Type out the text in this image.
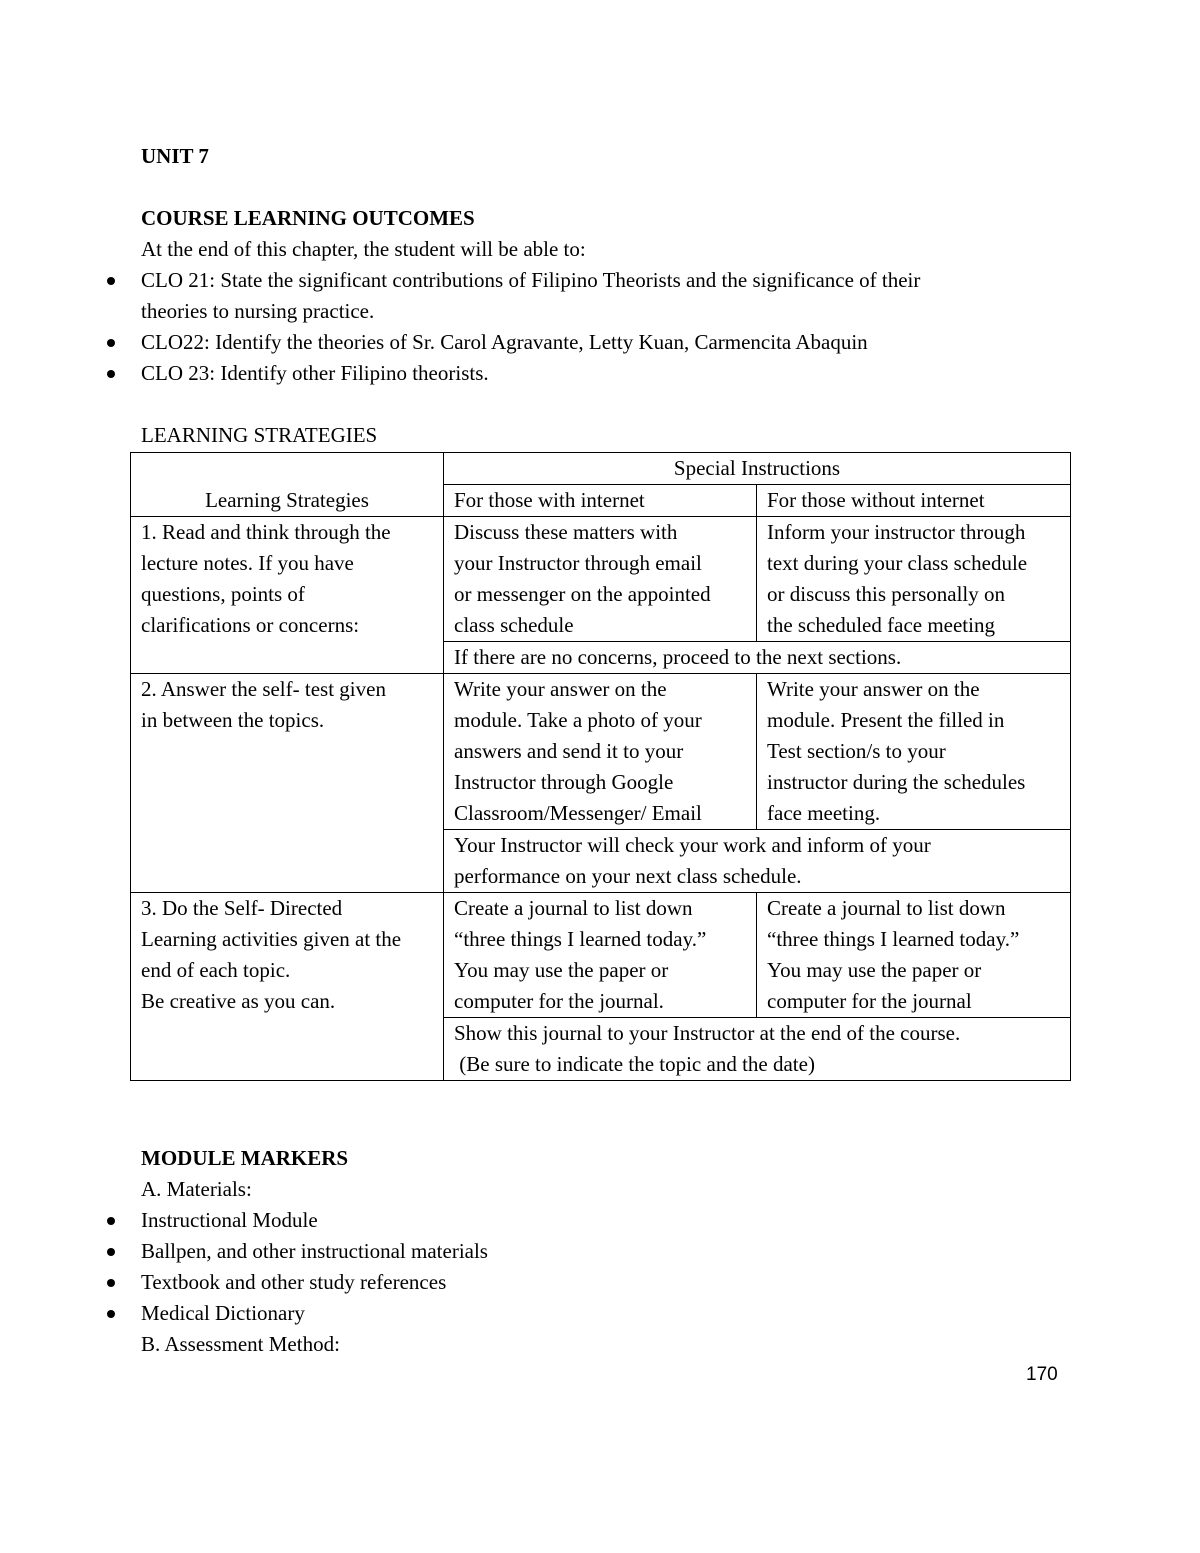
UNIT 7
COURSE LEARNING OUTCOMES
At the end of this chapter, the student will be able to:
CLO 21: State the significant contributions of Filipino Theorists and the significance of their
theories to nursing practice.
CLO22: Identify the theories of Sr. Carol Agravante, Letty Kuan, Carmencita Abaquin
CLO 23: Identify other Filipino theorists.
LEARNING STRATEGIES
Learning Strategies	Special Instructions	
	For those with internet	For those without internet

1. Read and think through the
lecture notes. If you have
questions, points of
clarifications or concerns:	Discuss these matters with
your Instructor through email
or messenger on the appointed
class schedule	Inform your instructor through
text during your class schedule
or discuss this personally on
the scheduled face meeting

	If there are no concerns, proceed to the next sections.	

2. Answer the self- test given
in between the topics.	Write your answer on the
module. Take a photo of your
answers and send it to your
Instructor through Google
Classroom/Messenger/ Email	Write your answer on the
module. Present the filled in
Test section/s to your
instructor during the schedules
face meeting.

	Your Instructor will check your work and inform of your
performance on your next class schedule.	

3. Do the Self- Directed
Learning activities given at the
end of each topic.
Be creative as you can.	Create a journal to list down
“three things I learned today.”
You may use the paper or
computer for the journal.	Create a journal to list down
“three things I learned today.”
You may use the paper or
computer for the journal

	Show this journal to your Instructor at the end of the course.
(Be sure to indicate the topic and the date)	
MODULE MARKERS
A. Materials:
Instructional Module
Ballpen, and other instructional materials
Textbook and other study references
Medical Dictionary
B. Assessment Method:
170
